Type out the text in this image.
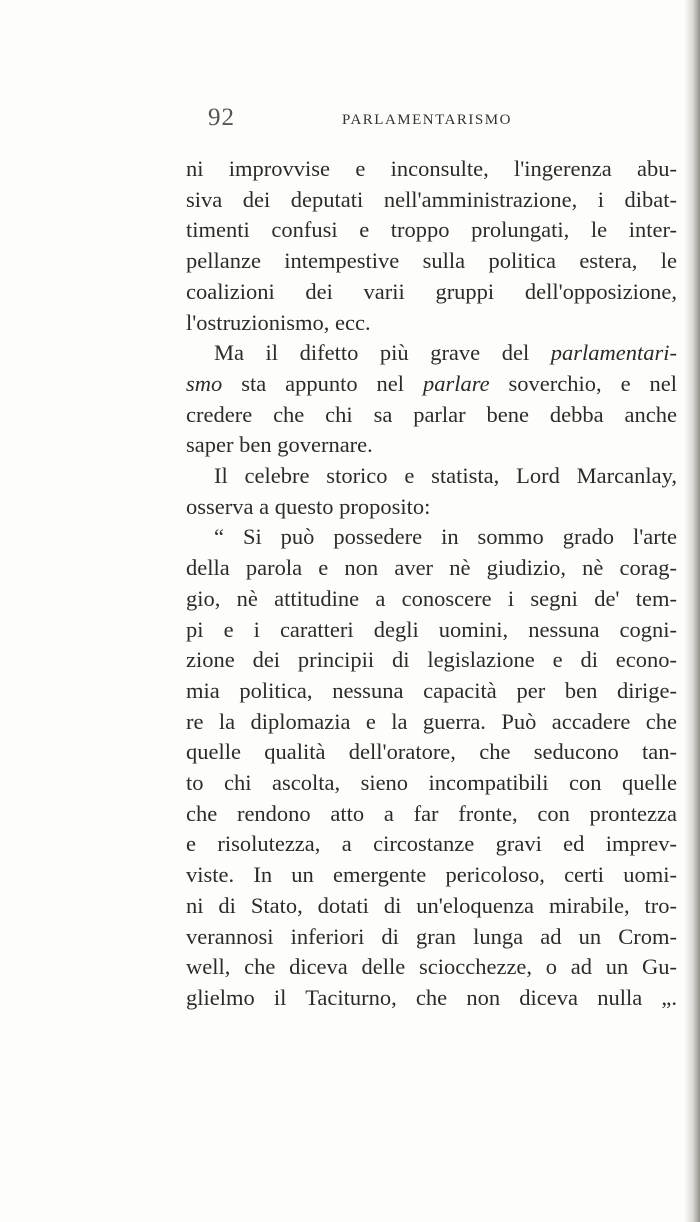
92	PARLAMENTARISMO
ni improvvise e inconsulte, l'ingerenza abu-
siva dei deputati nell'amministrazione, i dibat-
timenti confusi e troppo prolungati, le inter-
pellanze intempestive sulla politica estera, le
coalizioni dei varii gruppi dell'opposizione,
l'ostruzionismo, ecc.
Ma il difetto più grave del parlamentari-
smo sta appunto nel parlare soverchio, e nel
credere che chi sa parlar bene debba anche
saper ben governare.
Il celebre storico e statista, Lord Marcanlay,
osserva a questo proposito:
“ Si può possedere in sommo grado l'arte
della parola e non aver nè giudizio, nè corag-
gio, nè attitudine a conoscere i segni de' tem-
pi e i caratteri degli uomini, nessuna cogni-
zione dei principii di legislazione e di econo-
mia politica, nessuna capacità per ben dirige-
re la diplomazia e la guerra. Può accadere che
quelle qualità dell'oratore, che seducono tan-
to chi ascolta, sieno incompatibili con quelle
che rendono atto a far fronte, con prontezza
e risolutezza, a circostanze gravi ed imprev-
viste. In un emergente pericoloso, certi uomi-
ni di Stato, dotati di un'eloquenza mirabile, tro-
verannosi inferiori di gran lunga ad un Crom-
well, che diceva delle sciocchezze, o ad un Gu-
glielmo il Taciturno, che non diceva nulla „.
